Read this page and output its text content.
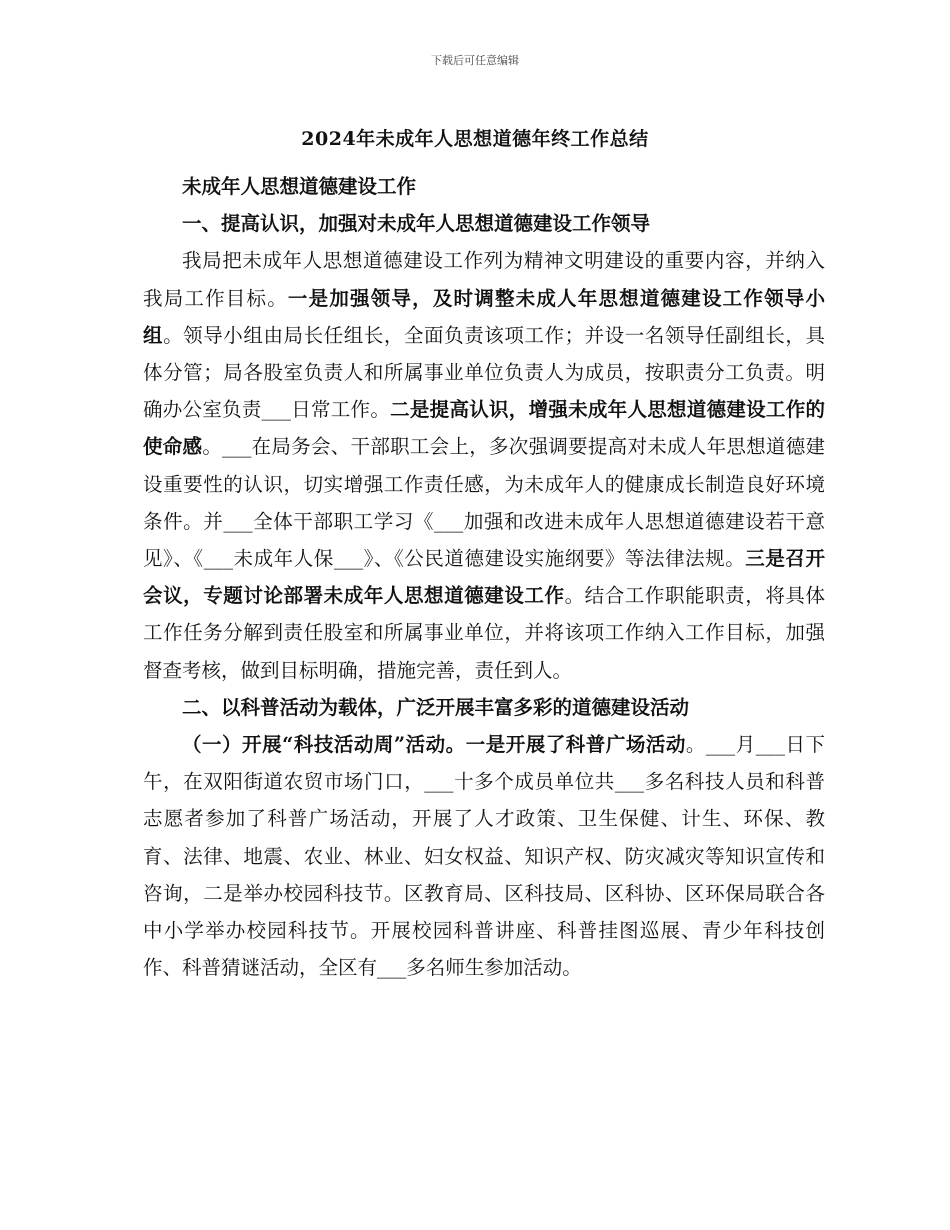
下载后可任意编辑
2024年未成年人思想道德年终工作总结

未成年人思想道德建设工作

一、提高认识，加强对未成年人思想道德建设工作领导

我局把未成年人思想道德建设工作列为精神文明建设的重要内容，并纳入我局工作目标。一是加强领导，及时调整未成人年思想道德建设工作领导小组。领导小组由局长任组长，全面负责该项工作；并设一名领导任副组长，具体分管；局各股室负责人和所属事业单位负责人为成员，按职责分工负责。明确办公室负责___日常工作。二是提高认识，增强未成年人思想道德建设工作的使命感。___在局务会、干部职工会上，多次强调要提高对未成人年思想道德建设重要性的认识，切实增强工作责任感，为未成年人的健康成长制造良好环境条件。并___全体干部职工学习《___加强和改进未成年人思想道德建设若干意见》、《___未成年人保___》、《公民道德建设实施纲要》等法律法规。三是召开会议，专题讨论部署未成年人思想道德建设工作。结合工作职能职责，将具体工作任务分解到责任股室和所属事业单位，并将该项工作纳入工作目标，加强督查考核，做到目标明确，措施完善，责任到人。

二、以科普活动为载体，广泛开展丰富多彩的道德建设活动

（一）开展“科技活动周”活动。一是开展了科普广场活动。___月___日下午，在双阳街道农贸市场门口，___十多个成员单位共___多名科技人员和科普志愿者参加了科普广场活动，开展了人才政策、卫生保健、计生、环保、教育、法律、地震、农业、林业、妇女权益、知识产权、防灾减灾等知识宣传和咨询，二是举办校园科技节。区教育局、区科技局、区科协、区环保局联合各中小学举办校园科技节。开展校园科普讲座、科普挂图巡展、青少年科技创作、科普猜谜活动，全区有___多名师生参加活动。
